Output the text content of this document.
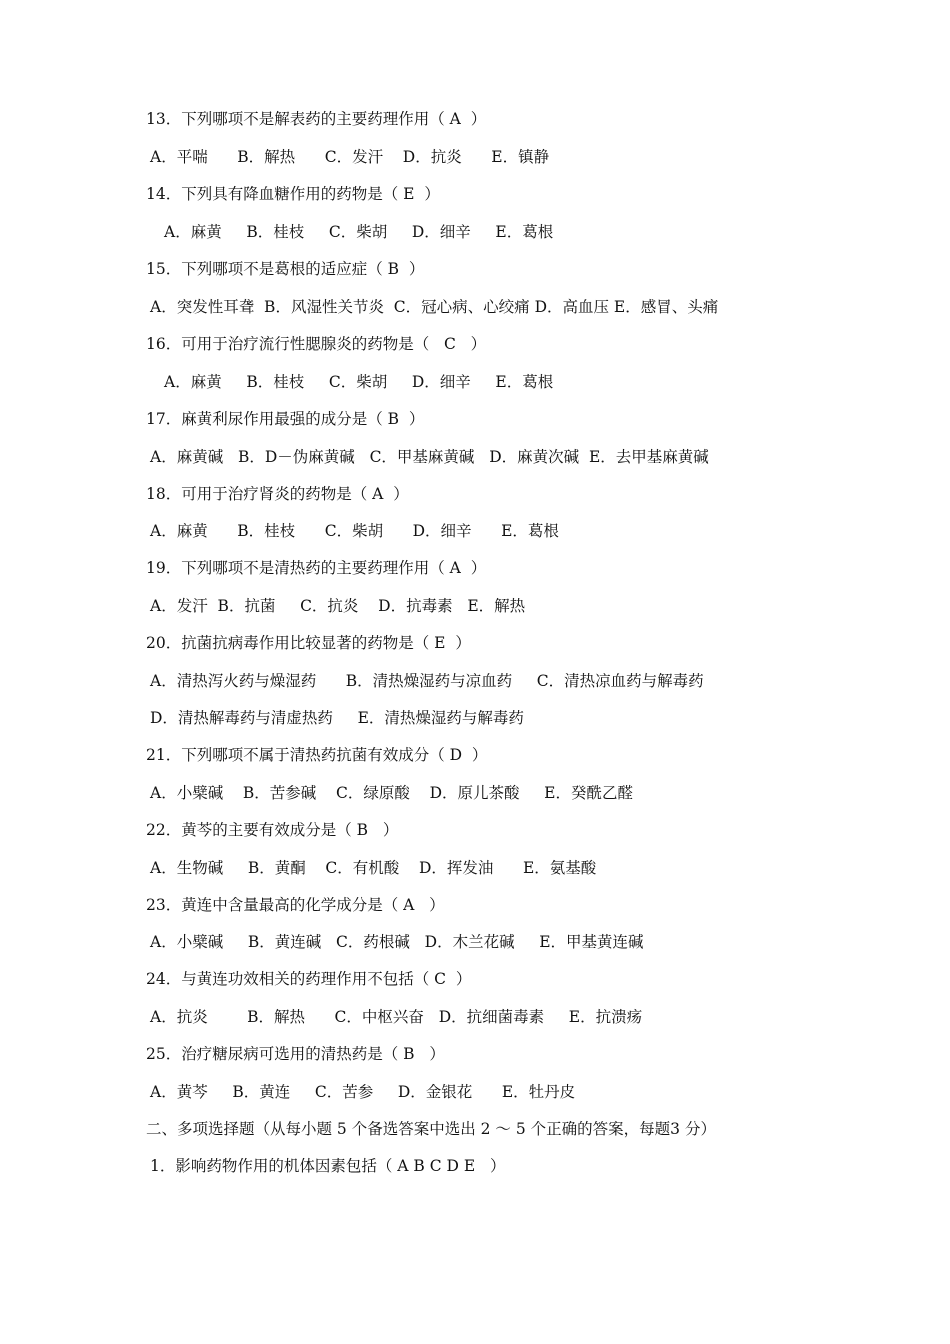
13．下列哪项不是解表药的主要药理作用（ A  ）
A．平喘      B．解热      C．发汗    D．抗炎      E．镇静
14．下列具有降血糖作用的药物是（ E  ）
A．麻黄     B．桂枝     C．柴胡     D．细辛     E．葛根
15．下列哪项不是葛根的适应症（ B  ）
A．突发性耳聋  B．风湿性关节炎  C．冠心病、心绞痛 D．高血压 E．感冒、头痛
16．可用于治疗流行性腮腺炎的药物是（   C   ）
A．麻黄     B．桂枝     C．柴胡     D．细辛     E．葛根
17．麻黄利尿作用最强的成分是（ B  ）
A．麻黄碱   B．D－伪麻黄碱   C．甲基麻黄碱   D．麻黄次碱  E．去甲基麻黄碱
18．可用于治疗肾炎的药物是（ A  ）
A．麻黄      B．桂枝      C．柴胡      D．细辛      E．葛根
19．下列哪项不是清热药的主要药理作用（ A  ）
A．发汗  B．抗菌     C．抗炎    D．抗毒素   E．解热
20．抗菌抗病毒作用比较显著的药物是（ E  ）
A．清热泻火药与燥湿药      B．清热燥湿药与凉血药     C．清热凉血药与解毒药
D．清热解毒药与清虚热药     E．清热燥湿药与解毒药
21．下列哪项不属于清热药抗菌有效成分（ D  ）
A．小檗碱    B．苦参碱    C．绿原酸    D．原儿茶酸     E．癸酰乙醛
22．黄芩的主要有效成分是（ B   ）
A．生物碱     B．黄酮    C．有机酸    D．挥发油      E．氨基酸
23．黄连中含量最高的化学成分是（ A   ）
A．小檗碱     B．黄连碱   C．药根碱   D．木兰花碱     E．甲基黄连碱
24．与黄连功效相关的药理作用不包括（ C  ）
A．抗炎        B．解热      C．中枢兴奋   D．抗细菌毒素     E．抗溃疡
25．治疗糖尿病可选用的清热药是（ B   ）
A．黄芩     B．黄连     C．苦参     D．金银花      E．牡丹皮
二、多项选择题（从每小题 5 个备选答案中选出 2 ～ 5 个正确的答案，每题3 分）
1．影响药物作用的机体因素包括（ A B C D E   ）
